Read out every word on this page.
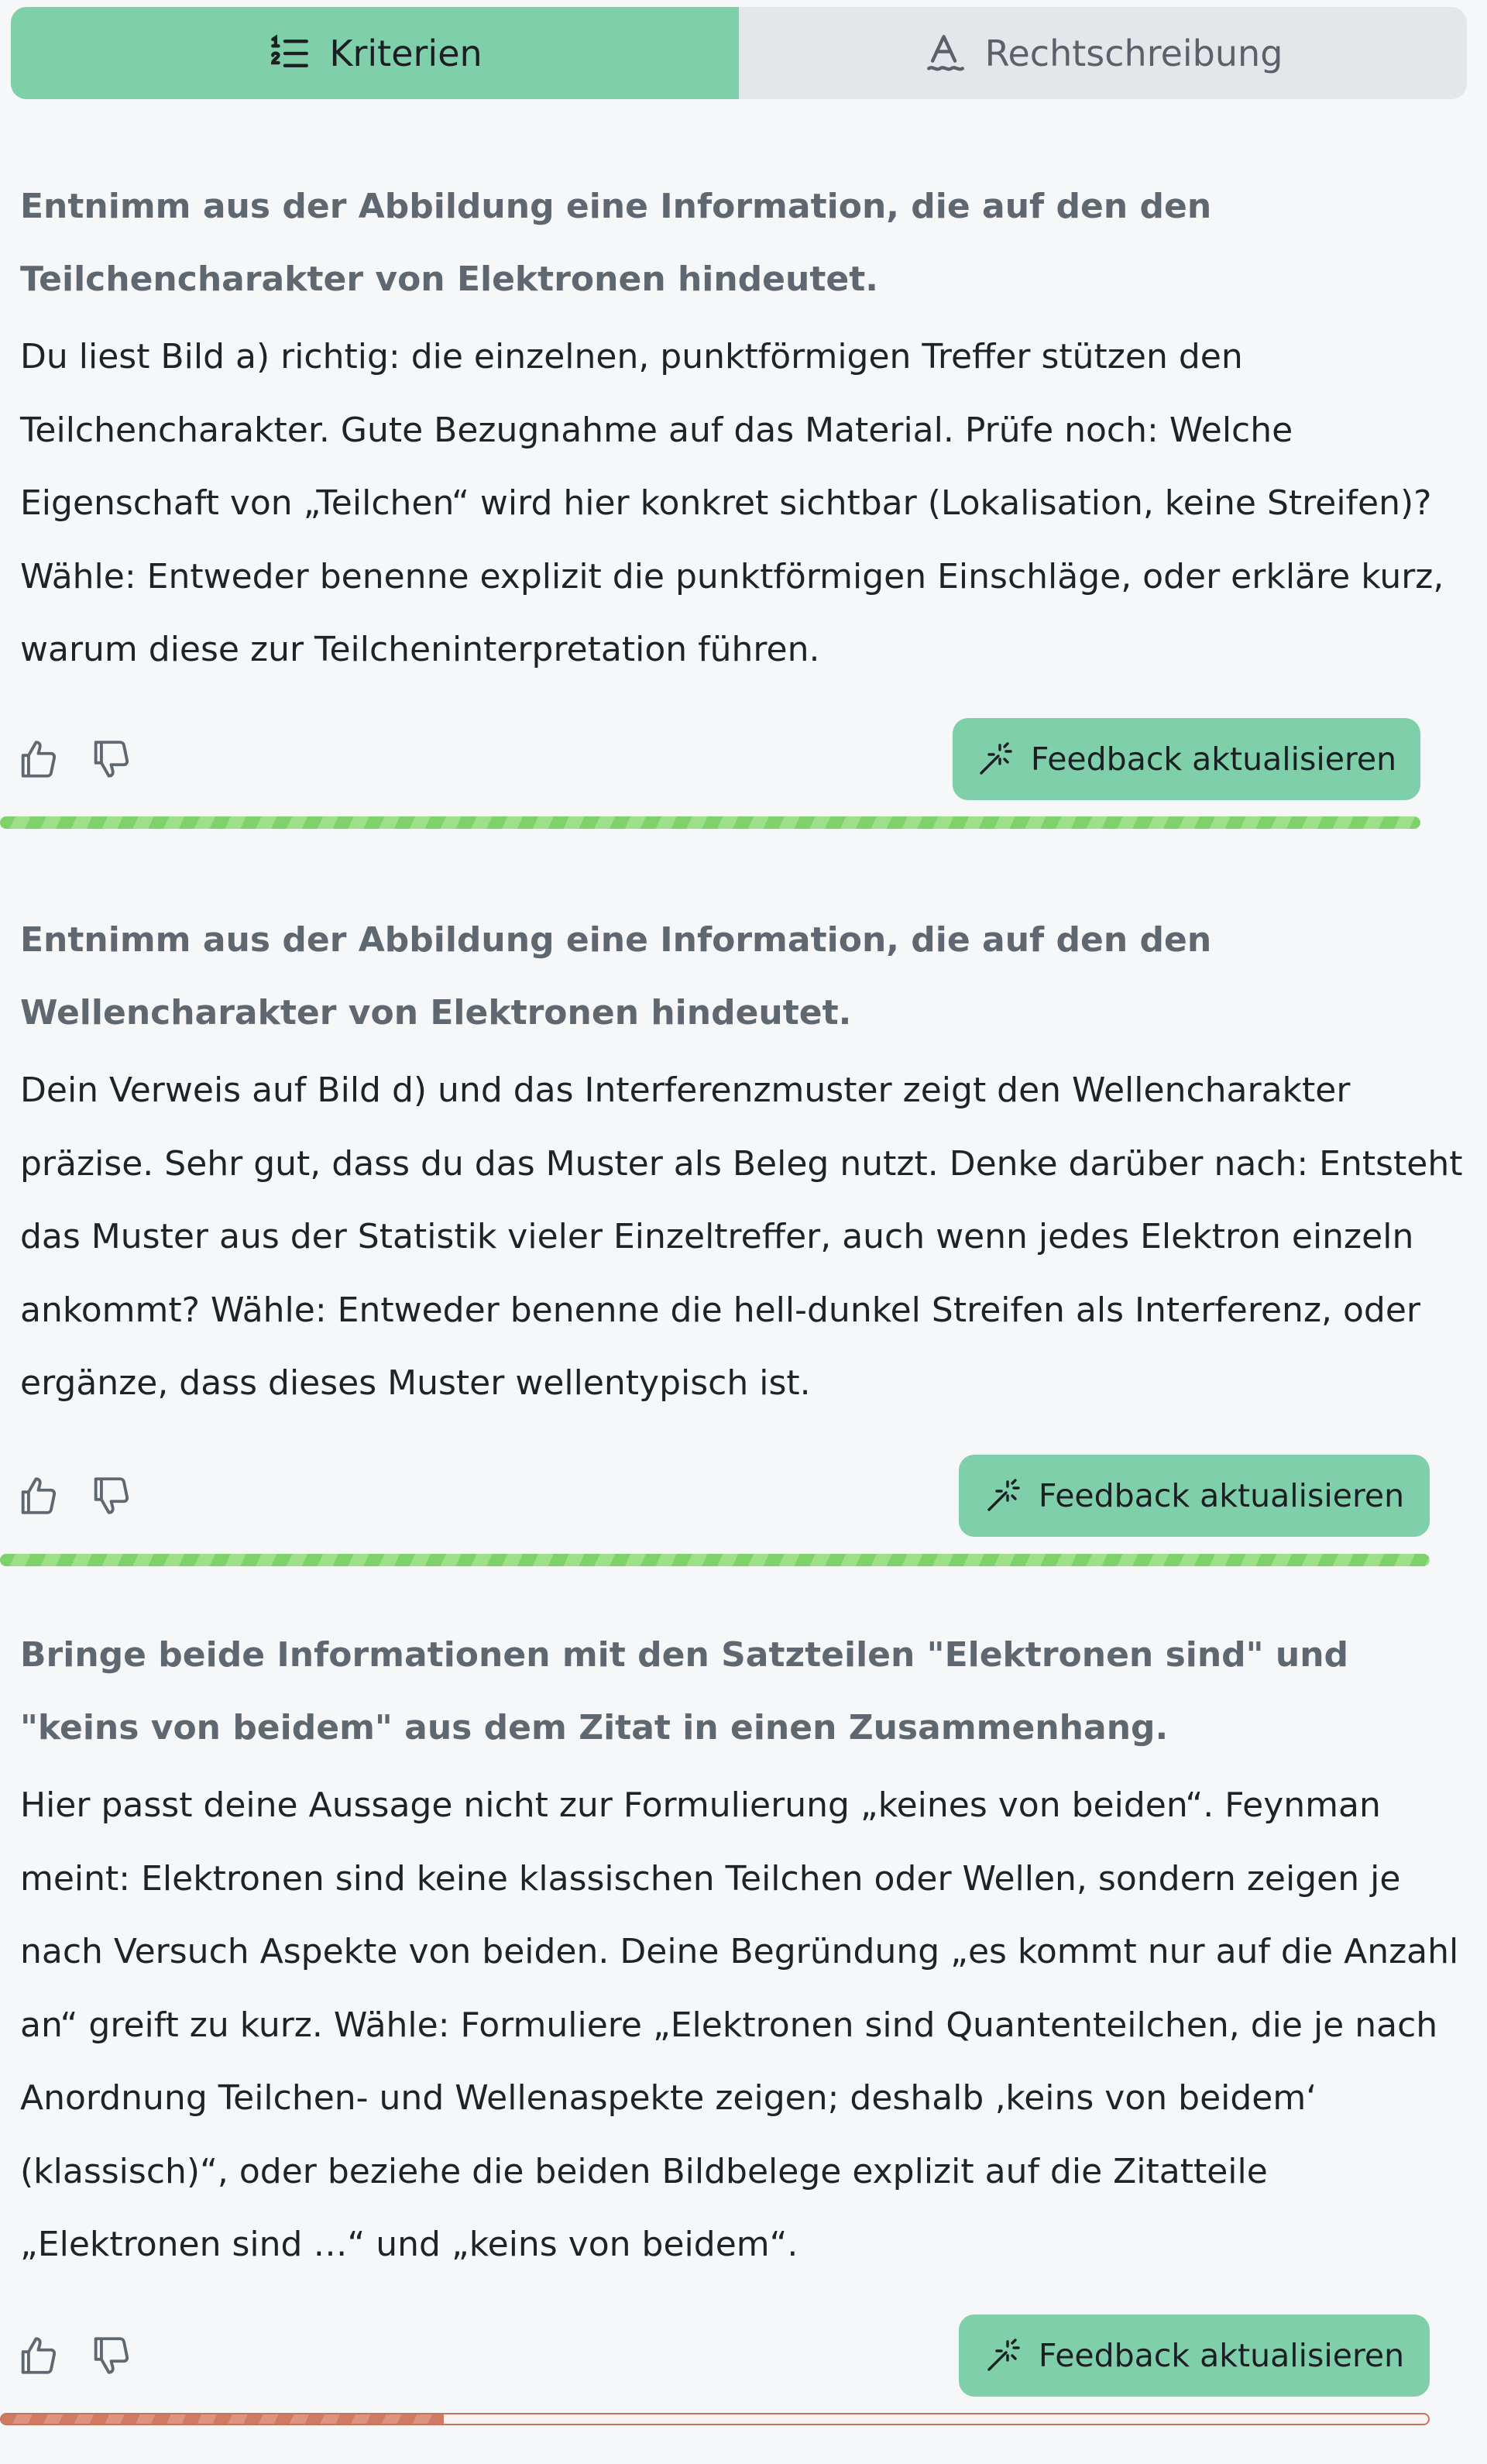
Kriterien	Rechtschreibung

Entnimm aus der Abbildung eine Information, die auf den den Teilchencharakter von Elektronen hindeutet.

Du liest Bild a) richtig: die einzelnen, punktförmigen Treffer stützen den Teilchencharakter. Gute Bezugnahme auf das Material. Prüfe noch: Welche Eigenschaft von „Teilchen“ wird hier konkret sichtbar (Lokalisation, keine Streifen)? Wähle: Entweder benenne explizit die punktförmigen Einschläge, oder erkläre kurz, warum diese zur Teilcheninterpretation führen.

Feedback aktualisieren

Entnimm aus der Abbildung eine Information, die auf den den Wellencharakter von Elektronen hindeutet.

Dein Verweis auf Bild d) und das Interferenzmuster zeigt den Wellencharakter präzise. Sehr gut, dass du das Muster als Beleg nutzt. Denke darüber nach: Entsteht das Muster aus der Statistik vieler Einzeltreffer, auch wenn jedes Elektron einzeln ankommt? Wähle: Entweder benenne die hell-dunkel Streifen als Interferenz, oder ergänze, dass dieses Muster wellentypisch ist.

Feedback aktualisieren

Bringe beide Informationen mit den Satzteilen "Elektronen sind" und "keins von beidem" aus dem Zitat in einen Zusammenhang.

Hier passt deine Aussage nicht zur Formulierung „keines von beiden“. Feynman meint: Elektronen sind keine klassischen Teilchen oder Wellen, sondern zeigen je nach Versuch Aspekte von beiden. Deine Begründung „es kommt nur auf die Anzahl an“ greift zu kurz. Wähle: Formuliere „Elektronen sind Quantenteilchen, die je nach Anordnung Teilchen- und Wellenaspekte zeigen; deshalb ‚keins von beidem‘ (klassisch)“, oder beziehe die beiden Bildbelege explizit auf die Zitatteile „Elektronen sind …“ und „keins von beidem“.

Feedback aktualisieren
